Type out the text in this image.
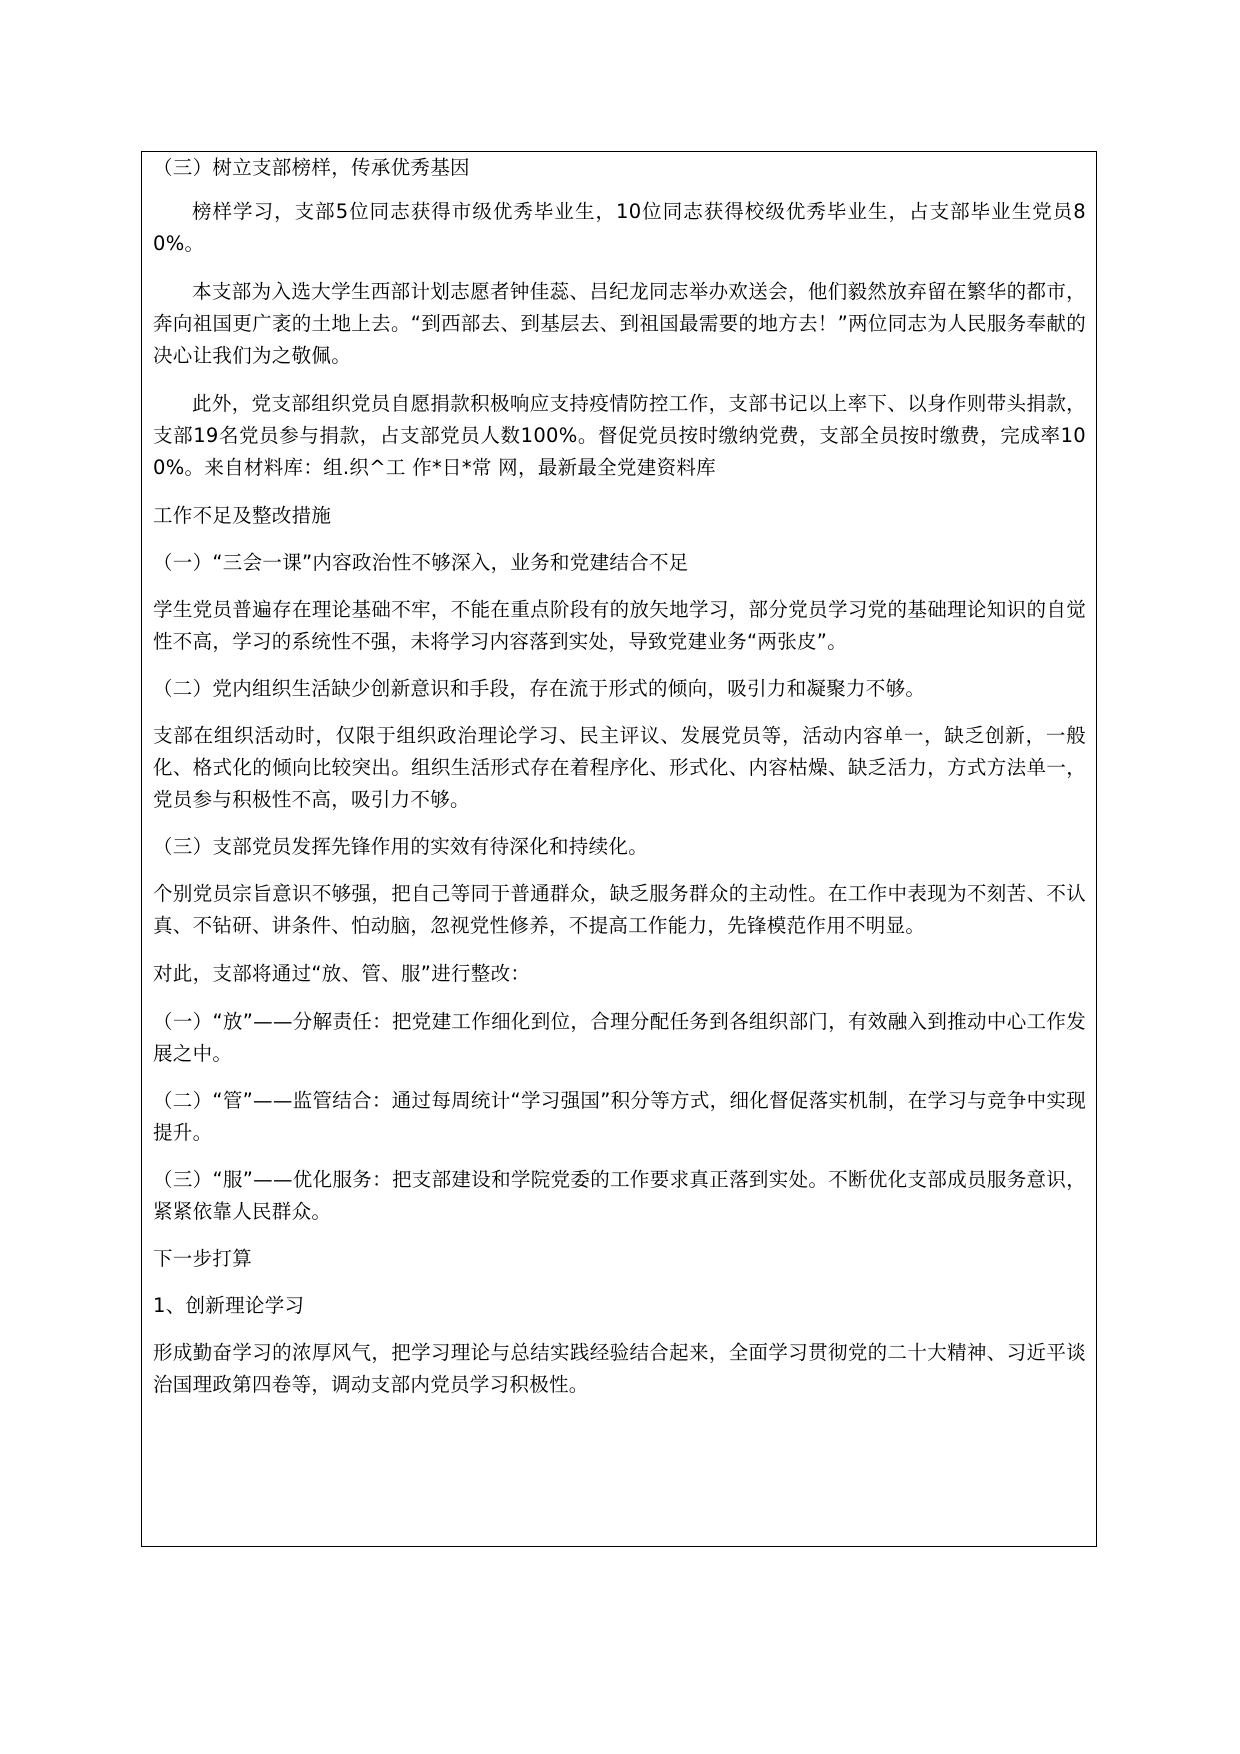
（三）树立支部榜样，传承优秀基因

榜样学习，支部5位同志获得市级优秀毕业生，10位同志获得校级优秀毕业生，占支部毕业生党员80%。

本支部为入选大学生西部计划志愿者钟佳蕊、吕纪龙同志举办欢送会，他们毅然放弃留在繁华的都市，奔向祖国更广袤的土地上去。“到西部去、到基层去、到祖国最需要的地方去！”两位同志为人民服务奉献的决心让我们为之敬佩。

此外，党支部组织党员自愿捐款积极响应支持疫情防控工作，支部书记以上率下、以身作则带头捐款，支部19名党员参与捐款，占支部党员人数100%。督促党员按时缴纳党费，支部全员按时缴费，完成率100%。来自材料库：组.织^工 作*日*常 网，最新最全党建资料库

工作不足及整改措施

（一）“三会一课”内容政治性不够深入，业务和党建结合不足

学生党员普遍存在理论基础不牢，不能在重点阶段有的放矢地学习，部分党员学习党的基础理论知识的自觉性不高，学习的系统性不强，未将学习内容落到实处，导致党建业务“两张皮”。

（二）党内组织生活缺少创新意识和手段，存在流于形式的倾向，吸引力和凝聚力不够。

支部在组织活动时，仅限于组织政治理论学习、民主评议、发展党员等，活动内容单一，缺乏创新，一般化、格式化的倾向比较突出。组织生活形式存在着程序化、形式化、内容枯燥、缺乏活力，方式方法单一，党员参与积极性不高，吸引力不够。

（三）支部党员发挥先锋作用的实效有待深化和持续化。

个别党员宗旨意识不够强，把自己等同于普通群众，缺乏服务群众的主动性。在工作中表现为不刻苦、不认真、不钻研、讲条件、怕动脑，忽视党性修养，不提高工作能力，先锋模范作用不明显。

对此，支部将通过“放、管、服”进行整改：

（一）“放”——分解责任：把党建工作细化到位，合理分配任务到各组织部门，有效融入到推动中心工作发展之中。

（二）“管”——监管结合：通过每周统计“学习强国”积分等方式，细化督促落实机制，在学习与竞争中实现提升。

（三）“服”——优化服务：把支部建设和学院党委的工作要求真正落到实处。不断优化支部成员服务意识，紧紧依靠人民群众。

下一步打算

1、创新理论学习

形成勤奋学习的浓厚风气，把学习理论与总结实践经验结合起来，全面学习贯彻党的二十大精神、习近平谈治国理政第四卷等，调动支部内党员学习积极性。
